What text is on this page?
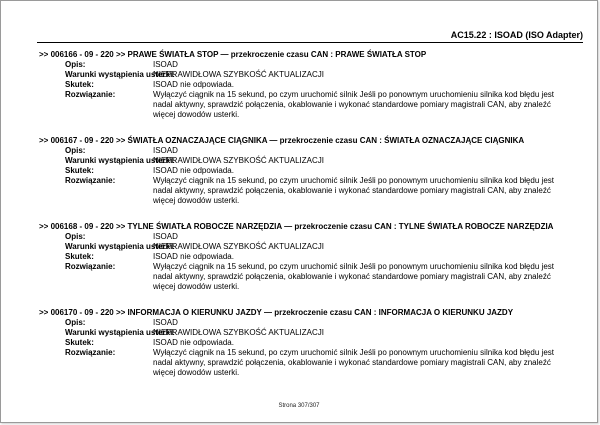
AC15.22 : ISOAD (ISO Adapter)
>> 006166 - 09 - 220 >> PRAWE ŚWIATŁA STOP — przekroczenie czasu CAN : PRAWE ŚWIATŁA STOP
Opis:	ISOAD
Warunki wystąpienia usterki:
NIEPRAWIDŁOWA SZYBKOŚĆ AKTUALIZACJI
Skutek:	ISOAD nie odpowiada.
Rozwiązanie:	Wyłączyć ciągnik na 15 sekund, po czym uruchomić silnik Jeśli po ponownym uruchomieniu silnika kod błędu jest nadal aktywny, sprawdzić połączenia, okablowanie i wykonać standardowe pomiary magistrali CAN, aby znaleźć więcej dowodów usterki.
>> 006167 - 09 - 220 >> ŚWIATŁA OZNACZAJĄCE CIĄGNIKA — przekroczenie czasu CAN : ŚWIATŁA OZNACZAJĄCE CIĄGNIKA
Opis:	ISOAD
Warunki wystąpienia usterki:
NIEPRAWIDŁOWA SZYBKOŚĆ AKTUALIZACJI
Skutek:	ISOAD nie odpowiada.
Rozwiązanie:	Wyłączyć ciągnik na 15 sekund, po czym uruchomić silnik Jeśli po ponownym uruchomieniu silnika kod błędu jest nadal aktywny, sprawdzić połączenia, okablowanie i wykonać standardowe pomiary magistrali CAN, aby znaleźć więcej dowodów usterki.
>> 006168 - 09 - 220 >> TYLNE ŚWIATŁA ROBOCZE NARZĘDZIA — przekroczenie czasu CAN : TYLNE ŚWIATŁA ROBOCZE NARZĘDZIA
Opis:	ISOAD
Warunki wystąpienia usterki:
NIEPRAWIDŁOWA SZYBKOŚĆ AKTUALIZACJI
Skutek:	ISOAD nie odpowiada.
Rozwiązanie:	Wyłączyć ciągnik na 15 sekund, po czym uruchomić silnik Jeśli po ponownym uruchomieniu silnika kod błędu jest nadal aktywny, sprawdzić połączenia, okablowanie i wykonać standardowe pomiary magistrali CAN, aby znaleźć więcej dowodów usterki.
>> 006170 - 09 - 220 >> INFORMACJA O KIERUNKU JAZDY — przekroczenie czasu CAN : INFORMACJA O KIERUNKU JAZDY
Opis:	ISOAD
Warunki wystąpienia usterki:
NIEPRAWIDŁOWA SZYBKOŚĆ AKTUALIZACJI
Skutek:	ISOAD nie odpowiada.
Rozwiązanie:	Wyłączyć ciągnik na 15 sekund, po czym uruchomić silnik Jeśli po ponownym uruchomieniu silnika kod błędu jest nadal aktywny, sprawdzić połączenia, okablowanie i wykonać standardowe pomiary magistrali CAN, aby znaleźć więcej dowodów usterki.
Strona 307/307
